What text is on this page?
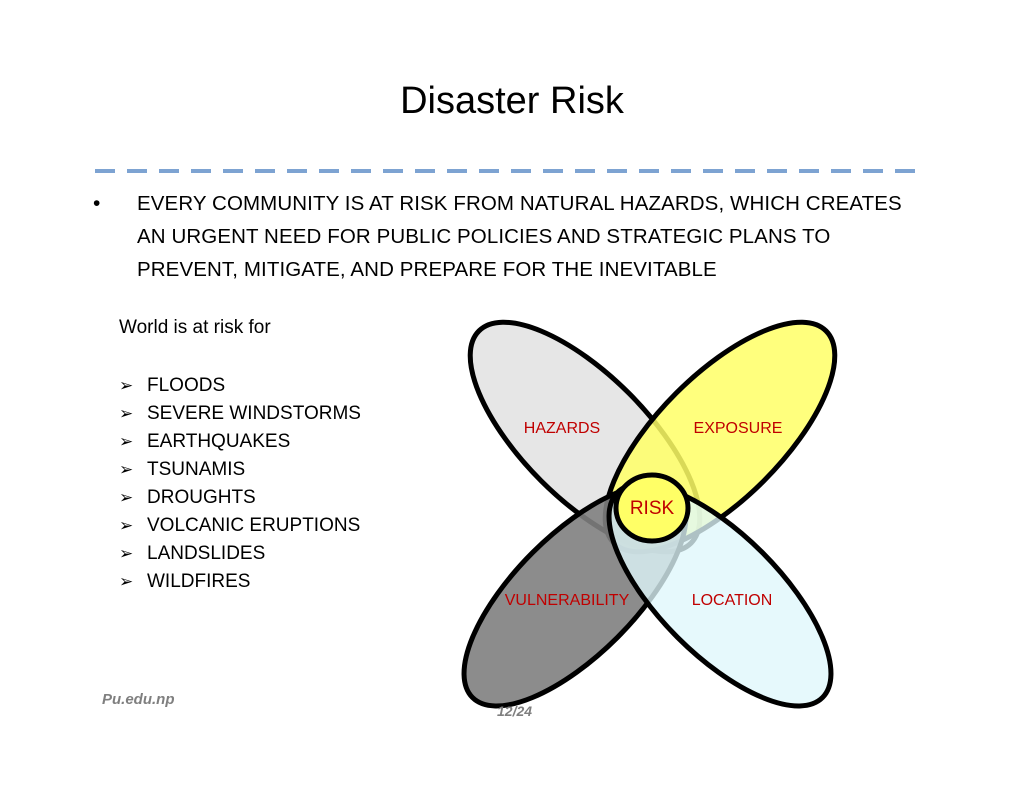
Disaster Risk
• EVERY COMMUNITY IS AT RISK FROM NATURAL HAZARDS, WHICH CREATES AN URGENT NEED FOR PUBLIC POLICIES AND STRATEGIC PLANS TO PREVENT, MITIGATE, AND PREPARE FOR THE INEVITABLE
World is at risk for
➢ FLOODS
➢ SEVERE WINDSTORMS
➢ EARTHQUAKES
➢ TSUNAMIS
➢ DROUGHTS
➢ VOLCANIC ERUPTIONS
➢ LANDSLIDES
➢ WILDFIRES
HAZARDS	EXPOSURE
VULNERABILITY	LOCATION
RISK
Pu.edu.np
12/24
